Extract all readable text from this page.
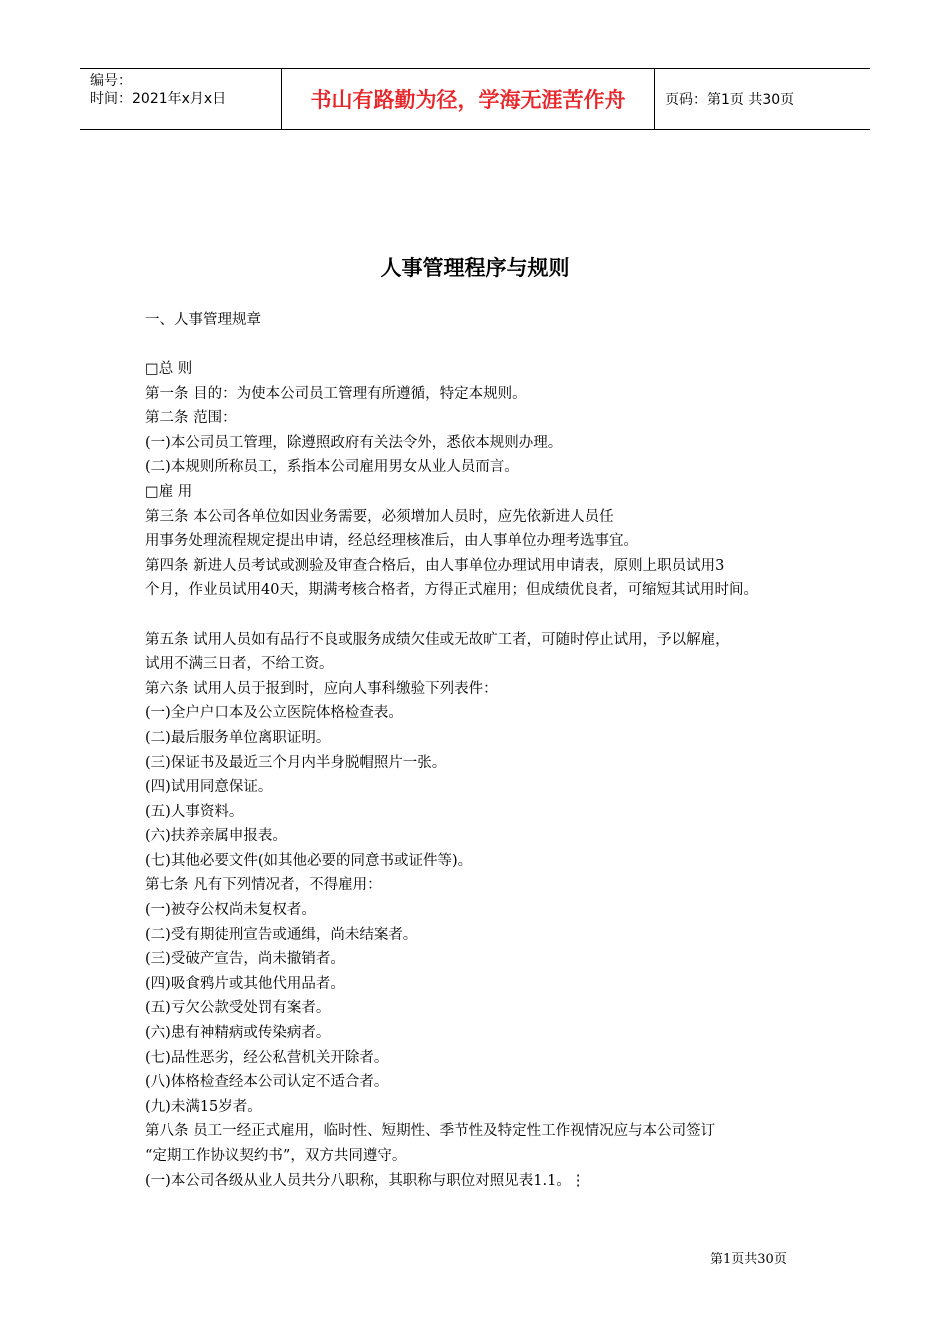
编号：
时间：2021年x月x日	书山有路勤为径，学海无涯苦作舟	页码：第1页 共30页
人事管理程序与规则
一、人事管理规章
□总 则
第一条 目的：为使本公司员工管理有所遵循，特定本规则。
第二条 范围：
(一)本公司员工管理，除遵照政府有关法令外，悉依本规则办理。
(二)本规则所称员工，系指本公司雇用男女从业人员而言。
□雇 用
第三条 本公司各单位如因业务需要，必须增加人员时，应先依新进人员任
用事务处理流程规定提出申请，经总经理核准后，由人事单位办理考选事宜。
第四条 新进人员考试或测验及审查合格后，由人事单位办理试用申请表，原则上职员试用3
个月，作业员试用40天，期满考核合格者，方得正式雇用；但成绩优良者，可缩短其试用时间。
第五条 试用人员如有品行不良或服务成绩欠佳或无故旷工者，可随时停止试用，予以解雇，
试用不满三日者，不给工资。
第六条 试用人员于报到时，应向人事科缴验下列表件：
(一)全户户口本及公立医院体格检查表。
(二)最后服务单位离职证明。
(三)保证书及最近三个月内半身脱帽照片一张。
(四)试用同意保证。
(五)人事资料。
(六)扶养亲属申报表。
(七)其他必要文件(如其他必要的同意书或证件等)。
第七条 凡有下列情况者，不得雇用：
(一)被夺公权尚未复权者。
(二)受有期徒刑宣告或通缉，尚未结案者。
(三)受破产宣告，尚未撤销者。
(四)吸食鸦片或其他代用品者。
(五)亏欠公款受处罚有案者。
(六)患有神精病或传染病者。
(七)品性恶劣，经公私营机关开除者。
(八)体格检查经本公司认定不适合者。
(九)未满15岁者。
第八条 员工一经正式雇用，临时性、短期性、季节性及特定性工作视情况应与本公司签订
“定期工作协议契约书”，双方共同遵守。
(一)本公司各级从业人员共分八职称，其职称与职位对照见表1.1。⋮
第1页共30页
